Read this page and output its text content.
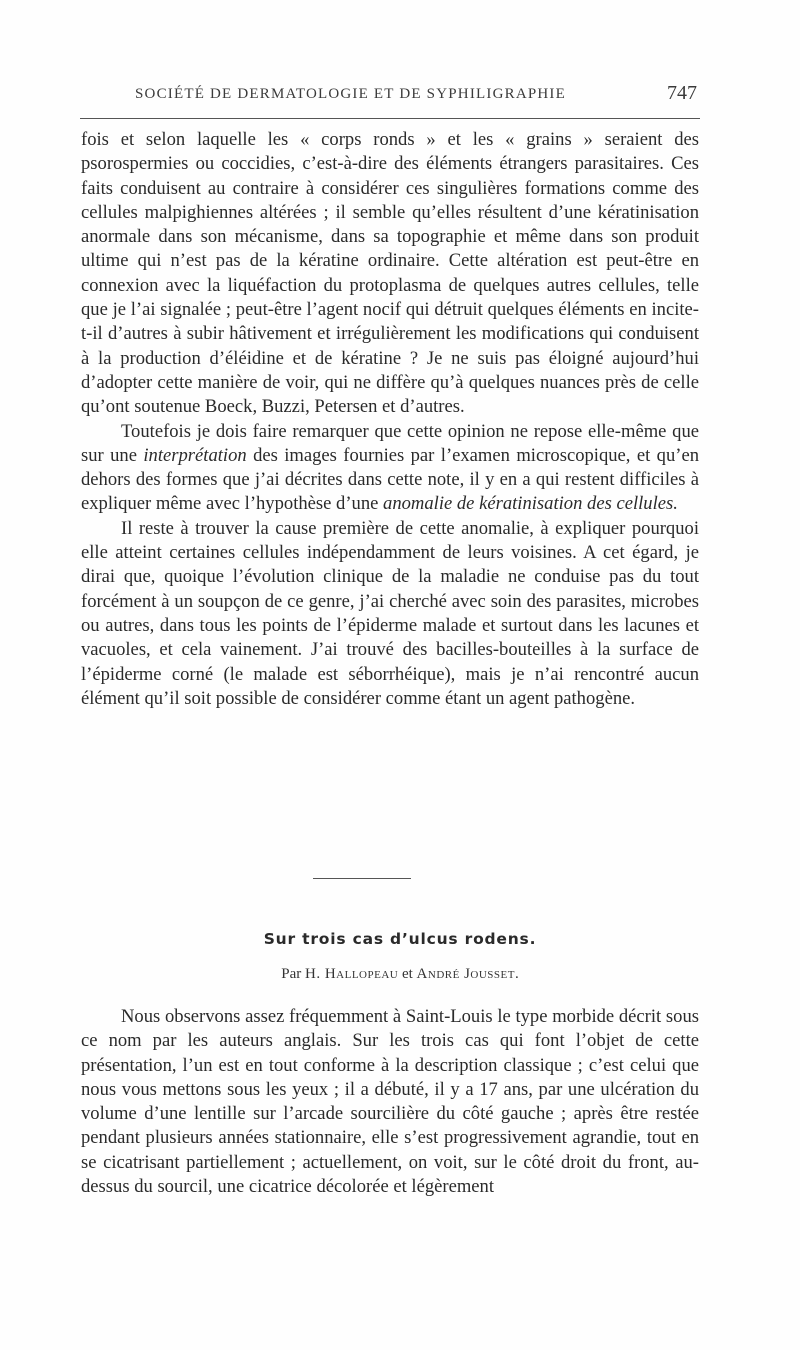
SOCIÉTÉ DE DERMATOLOGIE ET DE SYPHILIGRAPHIE	747

fois et selon laquelle les « corps ronds » et les « grains » seraient des psorospermies ou coccidies, c’est-à-dire des éléments étrangers parasitaires. Ces faits conduisent au contraire à considérer ces singulières formations comme des cellules malpighiennes altérées ; il semble qu’elles résultent d’une kératinisation anormale dans son mécanisme, dans sa topographie et même dans son produit ultime qui n’est pas de la kératine ordinaire. Cette altération est peut-être en connexion avec la liquéfaction du protoplasma de quelques autres cellules, telle que je l’ai signalée ; peut-être l’agent nocif qui détruit quelques éléments en incite-t-il d’autres à subir hâtivement et irrégulièrement les modifications qui conduisent à la production d’éléidine et de kératine ? Je ne suis pas éloigné aujourd’hui d’adopter cette manière de voir, qui ne diffère qu’à quelques nuances près de celle qu’ont soutenue Boeck, Buzzi, Petersen et d’autres.

Toutefois je dois faire remarquer que cette opinion ne repose elle-même que sur une interprétation des images fournies par l’examen microscopique, et qu’en dehors des formes que j’ai décrites dans cette note, il y en a qui restent difficiles à expliquer même avec l’hypothèse d’une anomalie de kératinisation des cellules.

Il reste à trouver la cause première de cette anomalie, à expliquer pourquoi elle atteint certaines cellules indépendamment de leurs voisines. A cet égard, je dirai que, quoique l’évolution clinique de la maladie ne conduise pas du tout forcément à un soupçon de ce genre, j’ai cherché avec soin des parasites, microbes ou autres, dans tous les points de l’épiderme malade et surtout dans les lacunes et vacuoles, et cela vainement. J’ai trouvé des bacilles-bouteilles à la surface de l’épiderme corné (le malade est séborrhéique), mais je n’ai rencontré aucun élément qu’il soit possible de considérer comme étant un agent pathogène.

Sur trois cas d’ulcus rodens.
Par H. Hallopeau et André Jousset.

Nous observons assez fréquemment à Saint-Louis le type morbide décrit sous ce nom par les auteurs anglais. Sur les trois cas qui font l’objet de cette présentation, l’un est en tout conforme à la description classique ; c’est celui que nous vous mettons sous les yeux ; il a débuté, il y a 17 ans, par une ulcération du volume d’une lentille sur l’arcade sourcilière du côté gauche ; après être restée pendant plusieurs années stationnaire, elle s’est progressivement agrandie, tout en se cicatrisant partiellement ; actuellement, on voit, sur le côté droit du front, au-dessus du sourcil, une cicatrice décolorée et légèrement
